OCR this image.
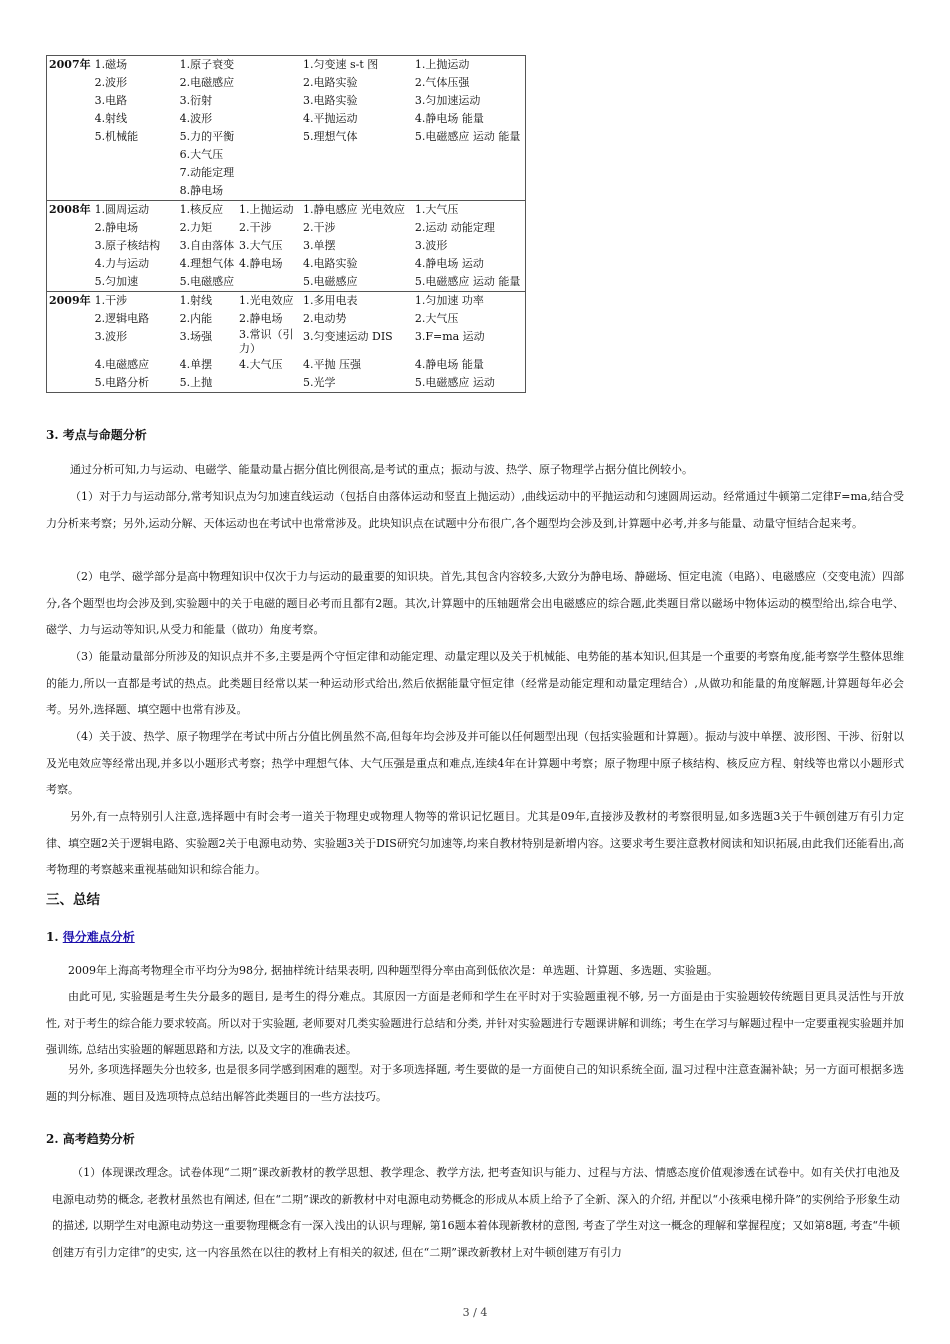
2007年	1.磁场	1.原子衰变		1.匀变速 s-t 图	1.上抛运动
	2.波形	2.电磁感应		2.电路实验	2.气体压强
	3.电路	3.衍射		3.电路实验	3.匀加速运动
	4.射线	4.波形		4.平抛运动	4.静电场 能量
	5.机械能	5.力的平衡		5.理想气体	5.电磁感应 运动 能量
		6.大气压			
		7.动能定理			
		8.静电场			
2008年	1.圆周运动	1.核反应	1.上抛运动	1.静电感应 光电效应	1.大气压
	2.静电场	2.力矩	2.干涉	2.干涉	2.运动 动能定理
	3.原子核结构	3.自由落体	3.大气压	3.单摆	3.波形
	4.力与运动	4.理想气体	4.静电场	4.电路实验	4.静电场 运动
	5.匀加速	5.电磁感应		5.电磁感应	5.电磁感应 运动 能量
2009年	1.干涉	1.射线	1.光电效应	1.多用电表	1.匀加速 功率
	2.逻辑电路	2.内能	2.静电场	2.电动势	2.大气压
	3.波形	3.场强	3.常识（引力）	3.匀变速运动 DIS	3.F=ma 运动
	4.电磁感应	4.单摆	4.大气压	4.平抛 压强	4.静电场 能量
	5.电路分析	5.上抛		5.光学	5.电磁感应 运动
3. 考点与命题分析
通过分析可知,力与运动、电磁学、能量动量占据分值比例很高,是考试的重点；振动与波、热学、原子物理学占据分值比例较小。
（1）对于力与运动部分,常考知识点为匀加速直线运动（包括自由落体运动和竖直上抛运动）,曲线运动中的平抛运动和匀速圆周运动。经常通过牛顿第二定律F=ma,结合受力分析来考察；另外,运动分解、天体运动也在考试中也常常涉及。此块知识点在试题中分布很广,各个题型均会涉及到,计算题中必考,并多与能量、动量守恒结合起来考。
（2）电学、磁学部分是高中物理知识中仅次于力与运动的最重要的知识块。首先,其包含内容较多,大致分为静电场、静磁场、恒定电流（电路）、电磁感应（交变电流）四部分,各个题型也均会涉及到,实验题中的关于电磁的题目必考而且都有2题。其次,计算题中的压轴题常会出电磁感应的综合题,此类题目常以磁场中物体运动的模型给出,综合电学、磁学、力与运动等知识,从受力和能量（做功）角度考察。
（3）能量动量部分所涉及的知识点并不多,主要是两个守恒定律和动能定理、动量定理以及关于机械能、电势能的基本知识,但其是一个重要的考察角度,能考察学生整体思维的能力,所以一直都是考试的热点。此类题目经常以某一种运动形式给出,然后依据能量守恒定律（经常是动能定理和动量定理结合）,从做功和能量的角度解题,计算题每年必会考。另外,选择题、填空题中也常有涉及。
（4）关于波、热学、原子物理学在考试中所占分值比例虽然不高,但每年均会涉及并可能以任何题型出现（包括实验题和计算题）。振动与波中单摆、波形图、干涉、衍射以及光电效应等经常出现,并多以小题形式考察；热学中理想气体、大气压强是重点和难点,连续4年在计算题中考察；原子物理中原子核结构、核反应方程、射线等也常以小题形式考察。
另外,有一点特别引人注意,选择题中有时会考一道关于物理史或物理人物等的常识记忆题目。尤其是09年,直接涉及教材的考察很明显,如多选题3关于牛顿创建万有引力定律、填空题2关于逻辑电路、实验题2关于电源电动势、实验题3关于DIS研究匀加速等,均来自教材特别是新增内容。这要求考生要注意教材阅读和知识拓展,由此我们还能看出,高考物理的考察越来重视基础知识和综合能力。
三、总结
1. 得分难点分析
2009年上海高考物理全市平均分为98分, 据抽样统计结果表明, 四种题型得分率由高到低依次是：单选题、计算题、多选题、实验题。
由此可见, 实验题是考生失分最多的题目, 是考生的得分难点。其原因一方面是老师和学生在平时对于实验题重视不够, 另一方面是由于实验题较传统题目更具灵活性与开放性, 对于考生的综合能力要求较高。所以对于实验题, 老师要对几类实验题进行总结和分类, 并针对实验题进行专题课讲解和训练；考生在学习与解题过程中一定要重视实验题并加强训练, 总结出实验题的解题思路和方法, 以及文字的准确表述。
另外, 多项选择题失分也较多, 也是很多同学感到困难的题型。对于多项选择题, 考生要做的是一方面使自己的知识系统全面, 温习过程中注意查漏补缺；另一方面可根据多选题的判分标准、题目及选项特点总结出解答此类题目的一些方法技巧。
2. 高考趋势分析
（1）体现课改理念。试卷体现“二期”课改新教材的教学思想、教学理念、教学方法, 把考查知识与能力、过程与方法、情感态度价值观渗透在试卷中。如有关伏打电池及电源电动势的概念, 老教材虽然也有阐述, 但在“二期”课改的新教材中对电源电动势概念的形成从本质上给予了全新、深入的介绍, 并配以“小孩乘电梯升降”的实例给予形象生动的描述, 以期学生对电源电动势这一重要物理概念有一深入浅出的认识与理解, 第16题本着体现新教材的意图, 考查了学生对这一概念的理解和掌握程度；又如第8题, 考查“牛顿创建万有引力定律”的史实, 这一内容虽然在以往的教材上有相关的叙述, 但在“二期”课改新教材上对牛顿创建万有引力
3 / 4
